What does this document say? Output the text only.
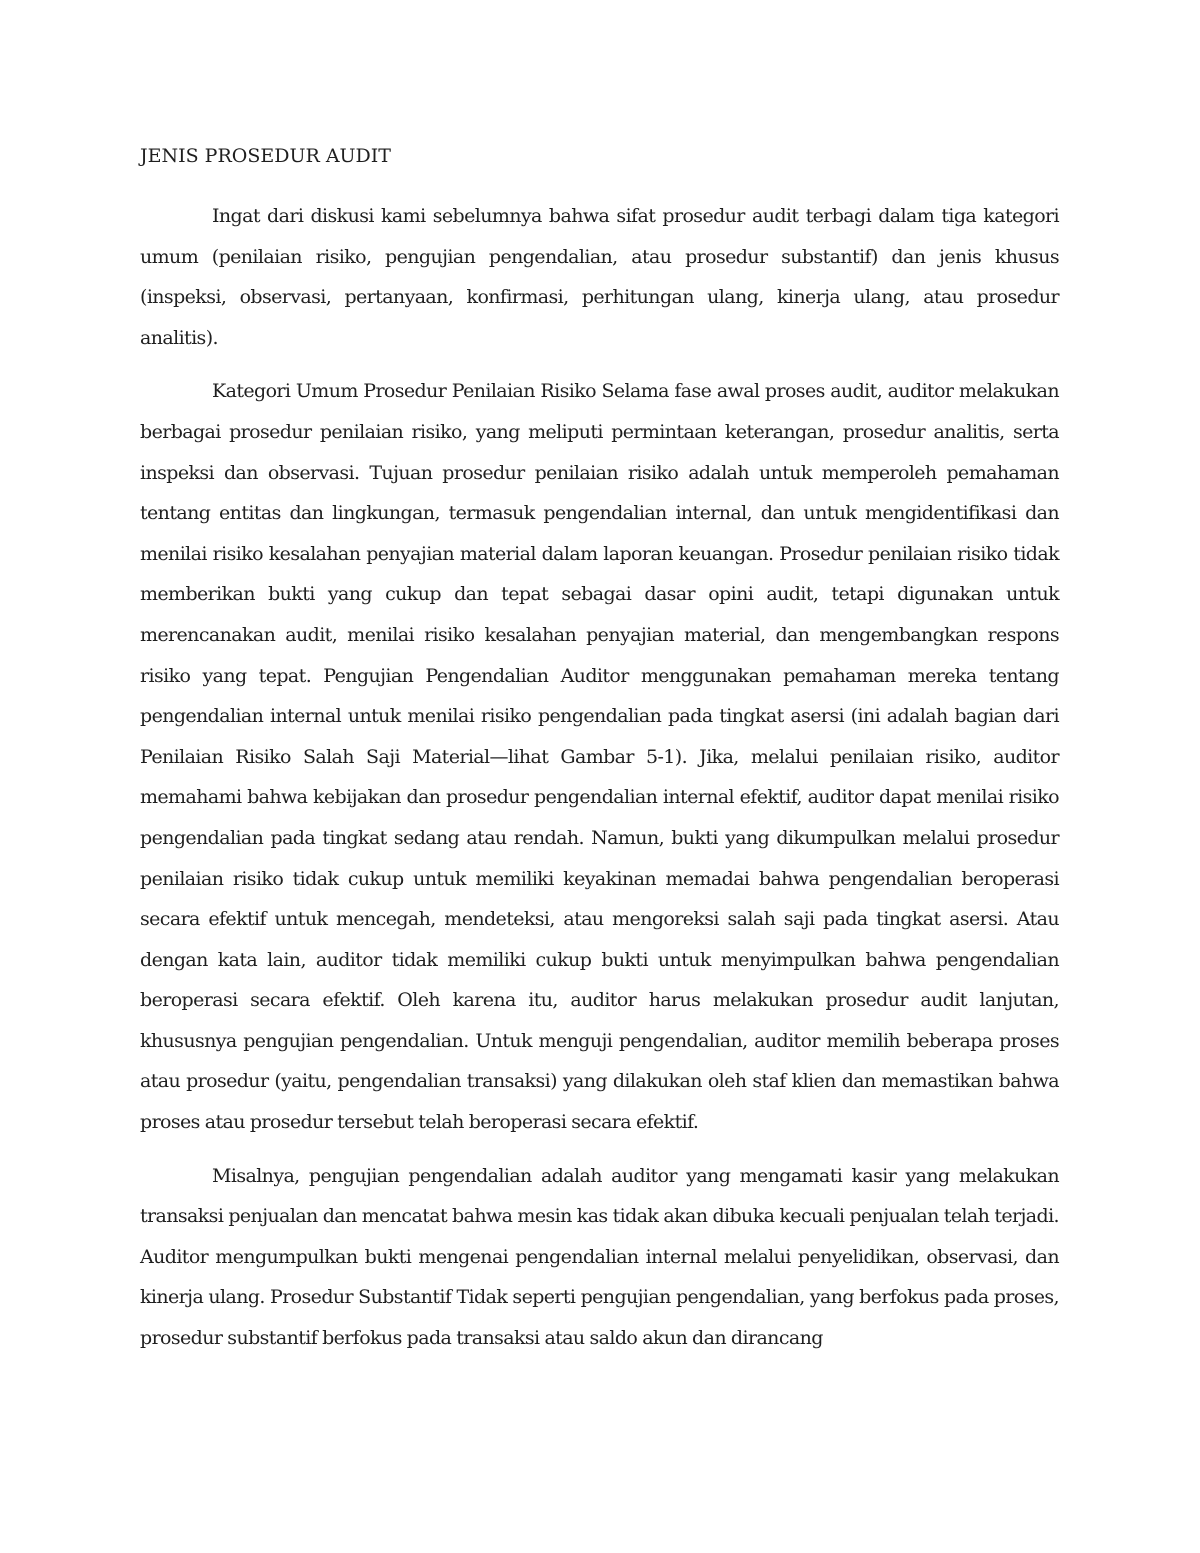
JENIS PROSEDUR AUDIT

Ingat dari diskusi kami sebelumnya bahwa sifat prosedur audit terbagi dalam tiga kategori umum (penilaian risiko, pengujian pengendalian, atau prosedur substantif) dan jenis khusus (inspeksi, observasi, pertanyaan, konfirmasi, perhitungan ulang, kinerja ulang, atau prosedur analitis).

Kategori Umum Prosedur Penilaian Risiko Selama fase awal proses audit, auditor melakukan berbagai prosedur penilaian risiko, yang meliputi permintaan keterangan, prosedur analitis, serta inspeksi dan observasi. Tujuan prosedur penilaian risiko adalah untuk memperoleh pemahaman tentang entitas dan lingkungan, termasuk pengendalian internal, dan untuk mengidentifikasi dan menilai risiko kesalahan penyajian material dalam laporan keuangan. Prosedur penilaian risiko tidak memberikan bukti yang cukup dan tepat sebagai dasar opini audit, tetapi digunakan untuk merencanakan audit, menilai risiko kesalahan penyajian material, dan mengembangkan respons risiko yang tepat. Pengujian Pengendalian Auditor menggunakan pemahaman mereka tentang pengendalian internal untuk menilai risiko pengendalian pada tingkat asersi (ini adalah bagian dari Penilaian Risiko Salah Saji Material—lihat Gambar 5-1). Jika, melalui penilaian risiko, auditor memahami bahwa kebijakan dan prosedur pengendalian internal efektif, auditor dapat menilai risiko pengendalian pada tingkat sedang atau rendah. Namun, bukti yang dikumpulkan melalui prosedur penilaian risiko tidak cukup untuk memiliki keyakinan memadai bahwa pengendalian beroperasi secara efektif untuk mencegah, mendeteksi, atau mengoreksi salah saji pada tingkat asersi. Atau dengan kata lain, auditor tidak memiliki cukup bukti untuk menyimpulkan bahwa pengendalian beroperasi secara efektif. Oleh karena itu, auditor harus melakukan prosedur audit lanjutan, khususnya pengujian pengendalian. Untuk menguji pengendalian, auditor memilih beberapa proses atau prosedur (yaitu, pengendalian transaksi) yang dilakukan oleh staf klien dan memastikan bahwa proses atau prosedur tersebut telah beroperasi secara efektif.

Misalnya, pengujian pengendalian adalah auditor yang mengamati kasir yang melakukan transaksi penjualan dan mencatat bahwa mesin kas tidak akan dibuka kecuali penjualan telah terjadi. Auditor mengumpulkan bukti mengenai pengendalian internal melalui penyelidikan, observasi, dan kinerja ulang. Prosedur Substantif Tidak seperti pengujian pengendalian, yang berfokus pada proses, prosedur substantif berfokus pada transaksi atau saldo akun dan dirancang
